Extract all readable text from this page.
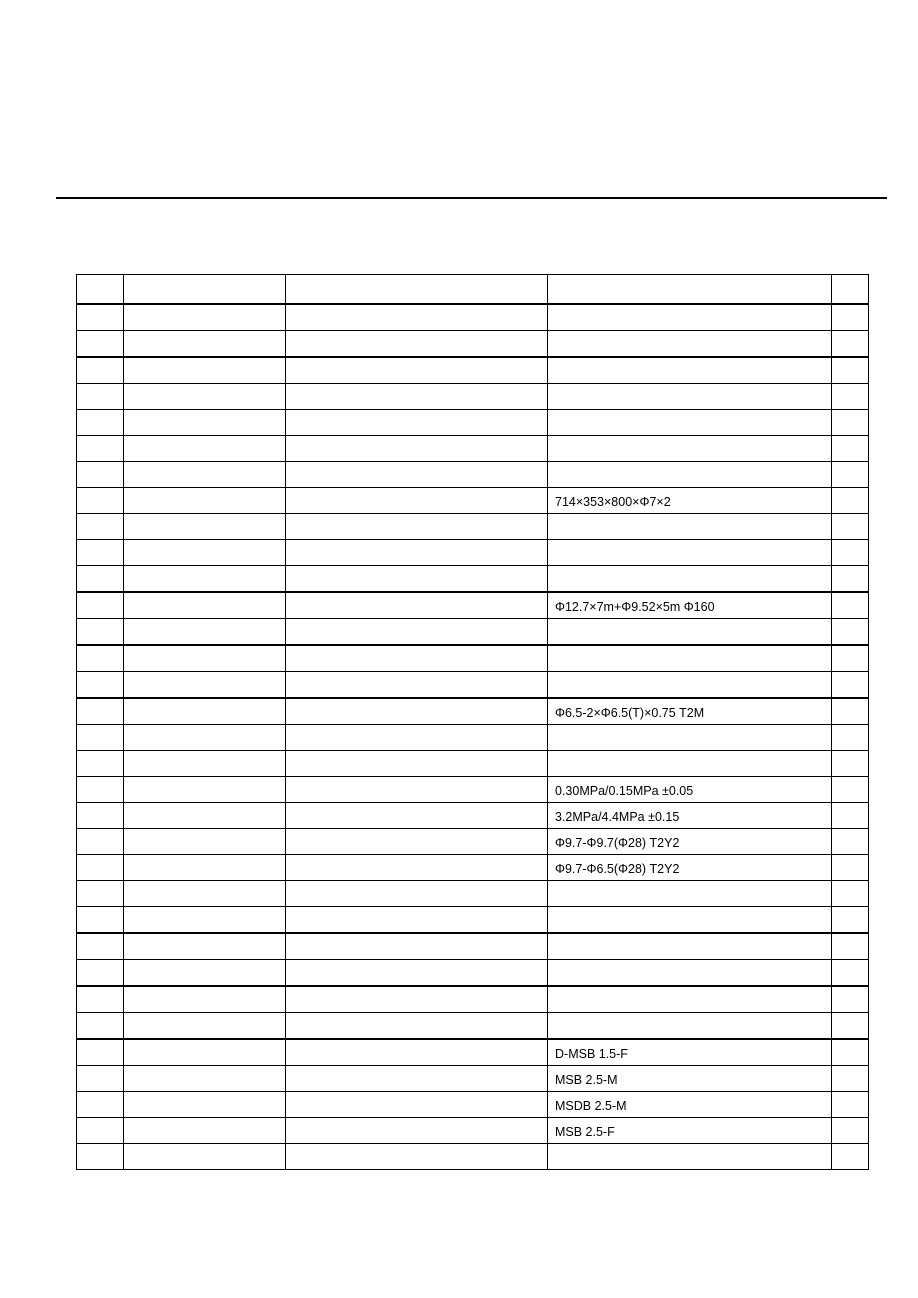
			714×353×800×Φ7×2	

			Φ12.7×7m+Φ9.52×5m Φ160	

			Φ6.5-2×Φ6.5(T)×0.75 T2M	

			0.30MPa/0.15MPa ±0.05	
			3.2MPa/4.4MPa ±0.15	
			Φ9.7-Φ9.7(Φ28) T2Y2	
			Φ9.7-Φ6.5(Φ28) T2Y2	

			D-MSB 1.5-F	
			MSB 2.5-M	
			MSDB 2.5-M	
			MSB 2.5-F	
